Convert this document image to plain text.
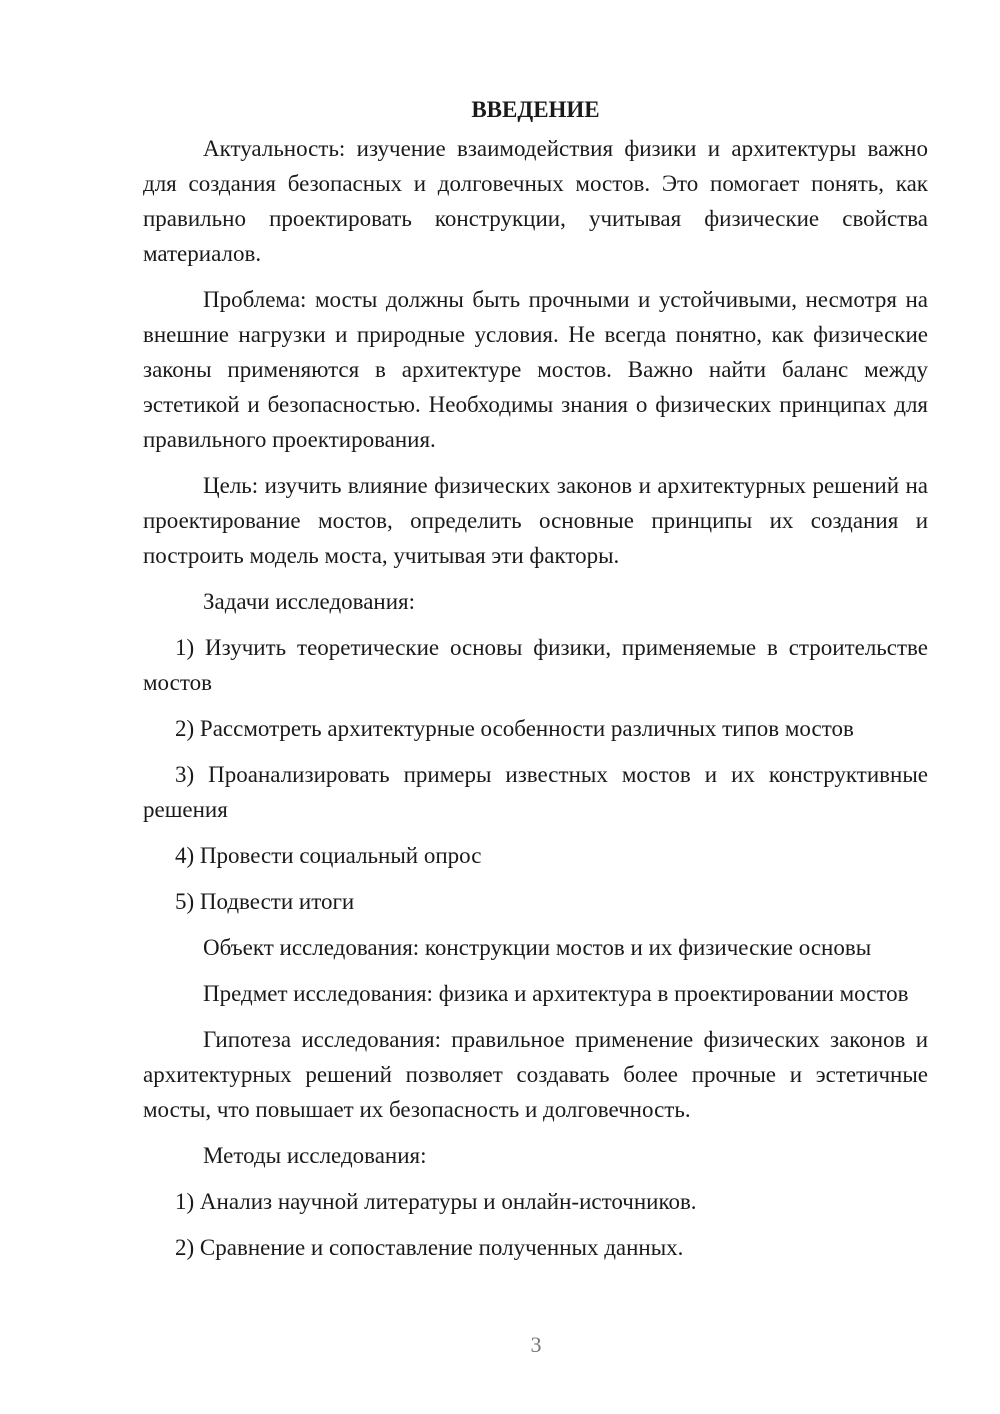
ВВЕДЕНИЕ

Актуальность: изучение взаимодействия физики и архитектуры важно для создания безопасных и долговечных мостов. Это помогает понять, как правильно проектировать конструкции, учитывая физические свойства материалов.

Проблема: мосты должны быть прочными и устойчивыми, несмотря на внешние нагрузки и природные условия. Не всегда понятно, как физические законы применяются в архитектуре мостов. Важно найти баланс между эстетикой и безопасностью. Необходимы знания о физических принципах для правильного проектирования.

Цель: изучить влияние физических законов и архитектурных решений на проектирование мостов, определить основные принципы их создания и построить модель моста, учитывая эти факторы.

Задачи исследования:

1) Изучить теоретические основы физики, применяемые в строительстве мостов

2) Рассмотреть архитектурные особенности различных типов мостов

3) Проанализировать примеры известных мостов и их конструктивные решения

4) Провести социальный опрос

5) Подвести итоги

Объект исследования: конструкции мостов и их физические основы

Предмет исследования: физика и архитектура в проектировании мостов

Гипотеза исследования: правильное применение физических законов и архитектурных решений позволяет создавать более прочные и эстетичные мосты, что повышает их безопасность и долговечность.

Методы исследования:

1) Анализ научной литературы и онлайн-источников.

2) Сравнение и сопоставление полученных данных.

3
